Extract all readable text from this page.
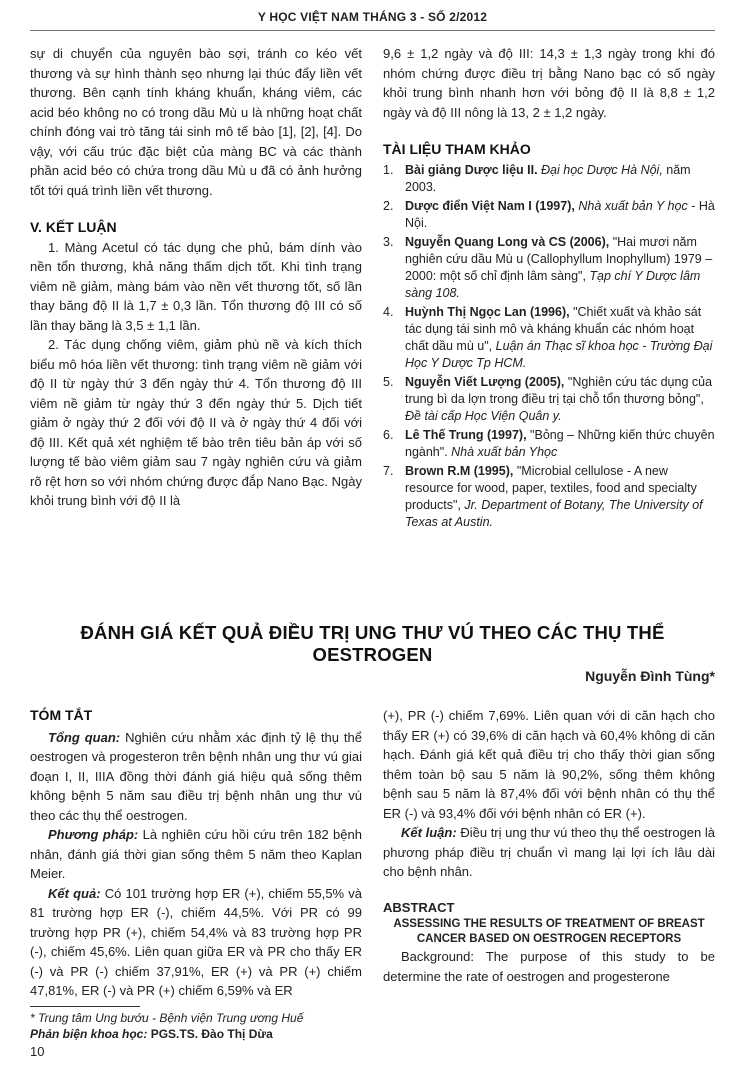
Y HỌC VIỆT NAM THÁNG 3 - SỐ 2/2012

sự di chuyển của nguyên bào sợi, tránh co kéo vết thương và sự hình thành sẹo nhưng lại thúc đẩy liền vết thương. Bên cạnh tính kháng khuẩn, kháng viêm, các acid béo không no có trong dầu Mù u là những hoạt chất chính đóng vai trò tăng tái sinh mô tế bào [1], [2], [4]. Do vậy, với cấu trúc đặc biệt của màng BC và các thành phần acid béo có chứa trong dầu Mù u đã có ảnh hưởng tốt tới quá trình liền vết thương.

V. KẾT LUẬN

1. Màng Acetul có tác dụng che phủ, bám dính vào nền tổn thương, khả năng thấm dịch tốt. Khi tình trạng viêm nề giảm, màng bám vào nền vết thương tốt, số lần thay băng độ II là 1,7 ± 0,3 lần. Tổn thương độ III có số lần thay băng là 3,5 ± 1,1 lần.

2. Tác dụng chống viêm, giảm phù nề và kích thích biểu mô hóa liền vết thương: tình trạng viêm nề giảm với độ II từ ngày thứ 3 đến ngày thứ 4. Tổn thương độ III viêm nề giảm từ ngày thứ 3 đến ngày thứ 5. Dịch tiết giảm ở ngày thứ 2 đối với độ II và ở ngày thứ 4 đối với độ III. Kết quả xét nghiệm tế bào trên tiêu bản áp với số lượng tế bào viêm giảm sau 7 ngày nghiên cứu và giảm rõ rệt hơn so với nhóm chứng được đắp Nano Bạc. Ngày khỏi trung bình với độ II là

9,6 ± 1,2 ngày và độ III: 14,3 ± 1,3 ngày trong khi đó nhóm chứng được điều trị bằng Nano bạc có số ngày khỏi trung bình nhanh hơn với bỏng độ II là 8,8 ± 1,2 ngày và độ III nông là 13, 2 ± 1,2 ngày.

TÀI LIỆU THAM KHẢO

1. Bài giảng Dược liệu II. Đại học Dược Hà Nội, năm 2003.
2. Dược điển Việt Nam I (1997), Nhà xuất bản Y học - Hà Nội.
3. Nguyễn Quang Long và CS (2006), "Hai mươi năm nghiên cứu dầu Mù u (Callophyllum Inophyllum) 1979 – 2000: một số chỉ định lâm sàng", Tạp chí Y Dược lâm sàng 108.
4. Huỳnh Thị Ngọc Lan (1996), "Chiết xuất và khảo sát tác dụng tái sinh mô và kháng khuẩn các nhóm hoạt chất dầu mù u", Luận án Thạc sĩ khoa học - Trường Đại Học Y Dược Tp HCM.
5. Nguyễn Viết Lượng (2005), "Nghiên cứu tác dụng của trung bì da lợn trong điều trị tại chỗ tổn thương bỏng", Đề tài cấp Học Viện Quân y.
6. Lê Thế Trung (1997), "Bỏng – Những kiến thức chuyên ngành". Nhà xuất bản Yhọc
7. Brown R.M (1995), "Microbial cellulose - A new resource for wood, paper, textiles, food and specialty products", Jr. Department of Botany, The University of Texas at Austin.
ĐÁNH GIÁ KẾT QUẢ ĐIỀU TRỊ UNG THƯ VÚ THEO CÁC THỤ THỂ OESTROGEN
Nguyễn Đình Tùng*

TÓM TẮT

Tổng quan: Nghiên cứu nhằm xác định tỷ lệ thụ thể oestrogen và progesteron trên bệnh nhân ung thư vú giai đoạn I, II, IIIA đồng thời đánh giá hiệu quả sống thêm không bệnh 5 năm sau điều trị bệnh nhân ung thư vú theo các thụ thể oestrogen.

Phương pháp: Là nghiên cứu hồi cứu trên 182 bệnh nhân, đánh giá thời gian sống thêm 5 năm theo Kaplan Meier.

Kết quả: Có 101 trường hợp ER (+), chiếm 55,5% và 81 trường hợp ER (-), chiếm 44,5%. Với PR có 99 trường hợp PR (+), chiếm 54,4% và 83 trường hợp PR (-), chiếm 45,6%. Liên quan giữa ER và PR cho thấy ER (-) và PR (-) chiếm 37,91%, ER (+) và PR (+) chiếm 47,81%, ER (-) và PR (+) chiếm 6,59% và ER

(+), PR (-) chiếm 7,69%. Liên quan với di căn hạch cho thấy ER (+) có 39,6% di căn hạch và 60,4% không di căn hạch. Đánh giá kết quả điều trị cho thấy thời gian sống thêm toàn bộ sau 5 năm là 90,2%, sống thêm không bệnh sau 5 năm là 87,4% đối với bệnh nhân có thụ thể ER (-) và 93,4% đối với bệnh nhân có ER (+).

Kết luận: Điều trị ung thư vú theo thụ thể oestrogen là phương pháp điều trị chuẩn vì mang lại lợi ích lâu dài cho bệnh nhân.

ABSTRACT

ASSESSING THE RESULTS OF TREATMENT OF BREAST CANCER BASED ON OESTROGEN RECEPTORS

Background: The purpose of this study to be determine the rate of oestrogen and progesterone

* Trung tâm Ung bướu - Bệnh viện Trung ương Huế
Phản biện khoa học: PGS.TS. Đào Thị Dừa
10
